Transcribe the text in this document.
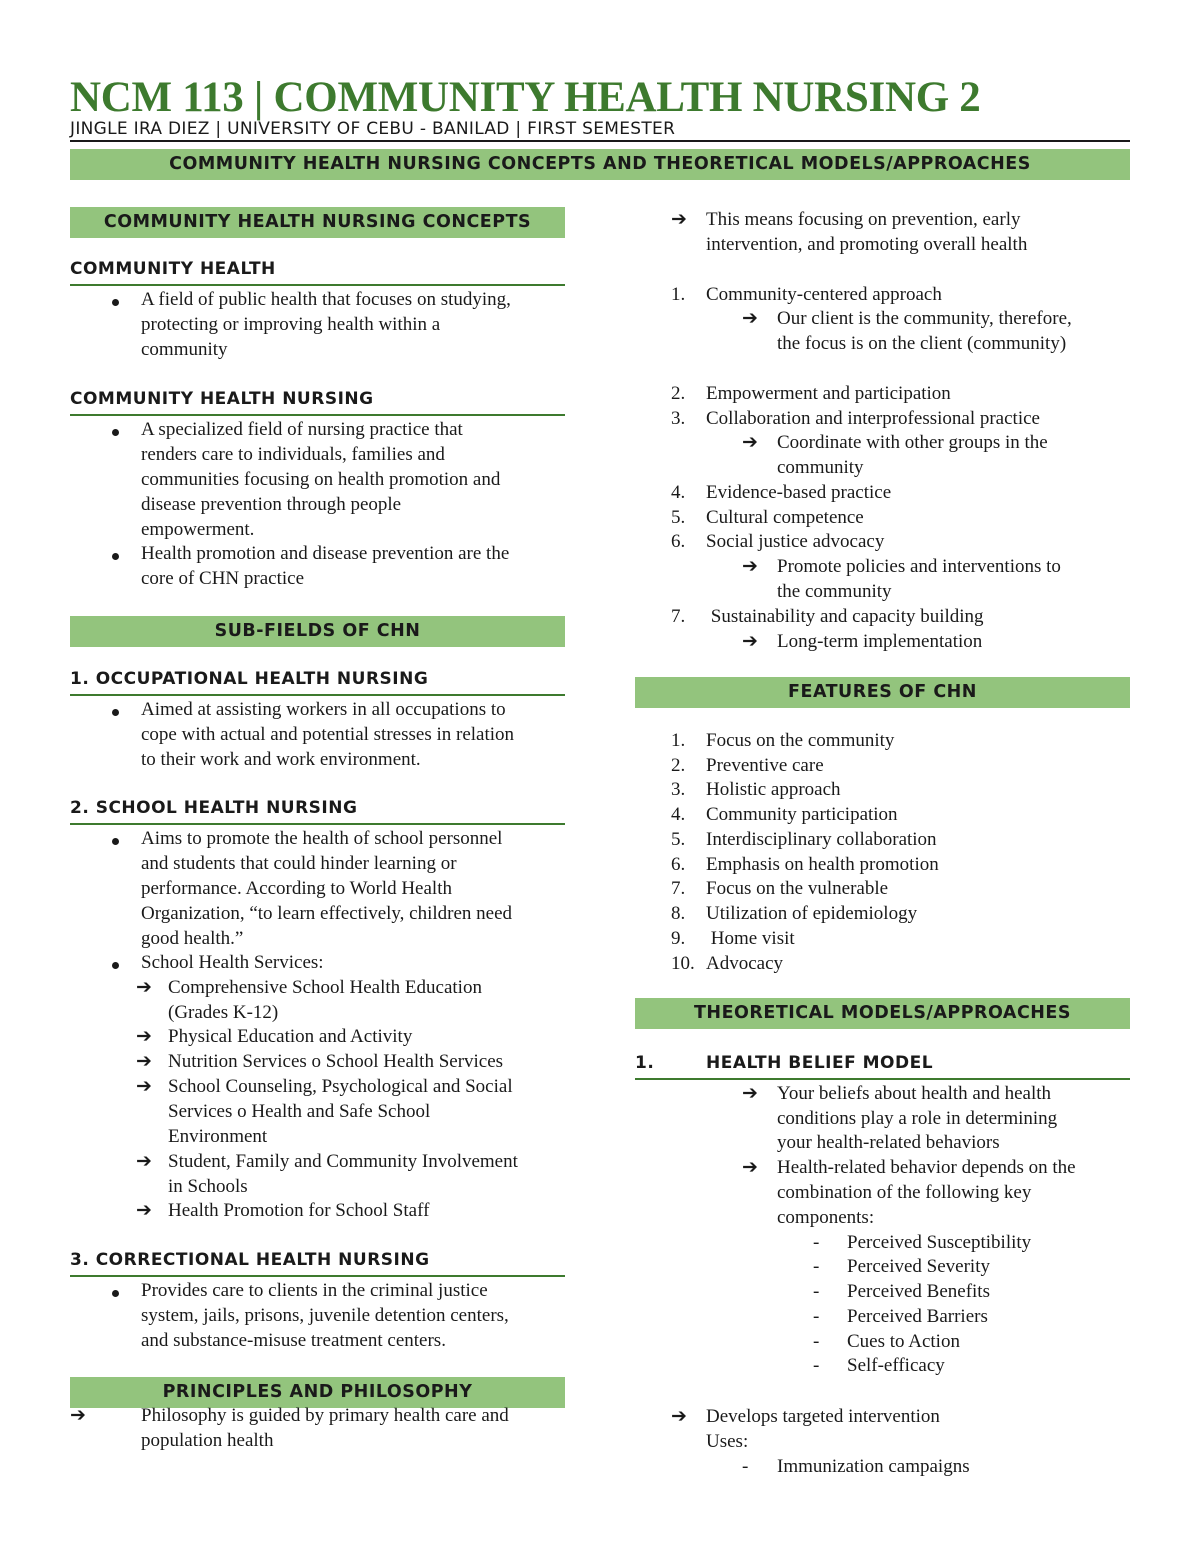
NCM 113 | COMMUNITY HEALTH NURSING 2
JINGLE IRA DIEZ | UNIVERSITY OF CEBU - BANILAD | FIRST SEMESTER
COMMUNITY HEALTH NURSING CONCEPTS AND THEORETICAL MODELS/APPROACHES
COMMUNITY HEALTH NURSING CONCEPTS
COMMUNITY HEALTH
A field of public health that focuses on studying,
protecting or improving health within a
community
COMMUNITY HEALTH NURSING
A specialized field of nursing practice that
renders care to individuals, families and
communities focusing on health promotion and
disease prevention through people
empowerment.
Health promotion and disease prevention are the
core of CHN practice
SUB-FIELDS OF CHN
1. OCCUPATIONAL HEALTH NURSING
Aimed at assisting workers in all occupations to
cope with actual and potential stresses in relation
to their work and work environment.
2. SCHOOL HEALTH NURSING
Aims to promote the health of school personnel
and students that could hinder learning or
performance. According to World Health
Organization, “to learn effectively, children need
good health.”
School Health Services:
➔ Comprehensive School Health Education
(Grades K-12)
➔ Physical Education and Activity
➔ Nutrition Services o School Health Services
➔ School Counseling, Psychological and Social
Services o Health and Safe School
Environment
➔ Student, Family and Community Involvement
in Schools
➔ Health Promotion for School Staff
3. CORRECTIONAL HEALTH NURSING
Provides care to clients in the criminal justice
system, jails, prisons, juvenile detention centers,
and substance-misuse treatment centers.
PRINCIPLES AND PHILOSOPHY
➔	Philosophy is guided by primary health care and
population health
➔ This means focusing on prevention, early
intervention, and promoting overall health
1. Community-centered approach
➔ Our client is the community, therefore,
the focus is on the client (community)
2. Empowerment and participation
3. Collaboration and interprofessional practice
➔ Coordinate with other groups in the
community
4. Evidence-based practice
5. Cultural competence
6. Social justice advocacy
➔ Promote policies and interventions to
the community
7. Sustainability and capacity building
➔ Long-term implementation
FEATURES OF CHN
1. Focus on the community
2. Preventive care
3. Holistic approach
4. Community participation
5. Interdisciplinary collaboration
6. Emphasis on health promotion
7. Focus on the vulnerable
8. Utilization of epidemiology
9. Home visit
10. Advocacy
THEORETICAL MODELS/APPROACHES
1.	HEALTH BELIEF MODEL
➔ Your beliefs about health and health
conditions play a role in determining
your health-related behaviors
➔ Health-related behavior depends on the
combination of the following key
components:
- Perceived Susceptibility
- Perceived Severity
- Perceived Benefits
- Perceived Barriers
- Cues to Action
- Self-efficacy
➔ Develops targeted intervention
Uses:
- Immunization campaigns
